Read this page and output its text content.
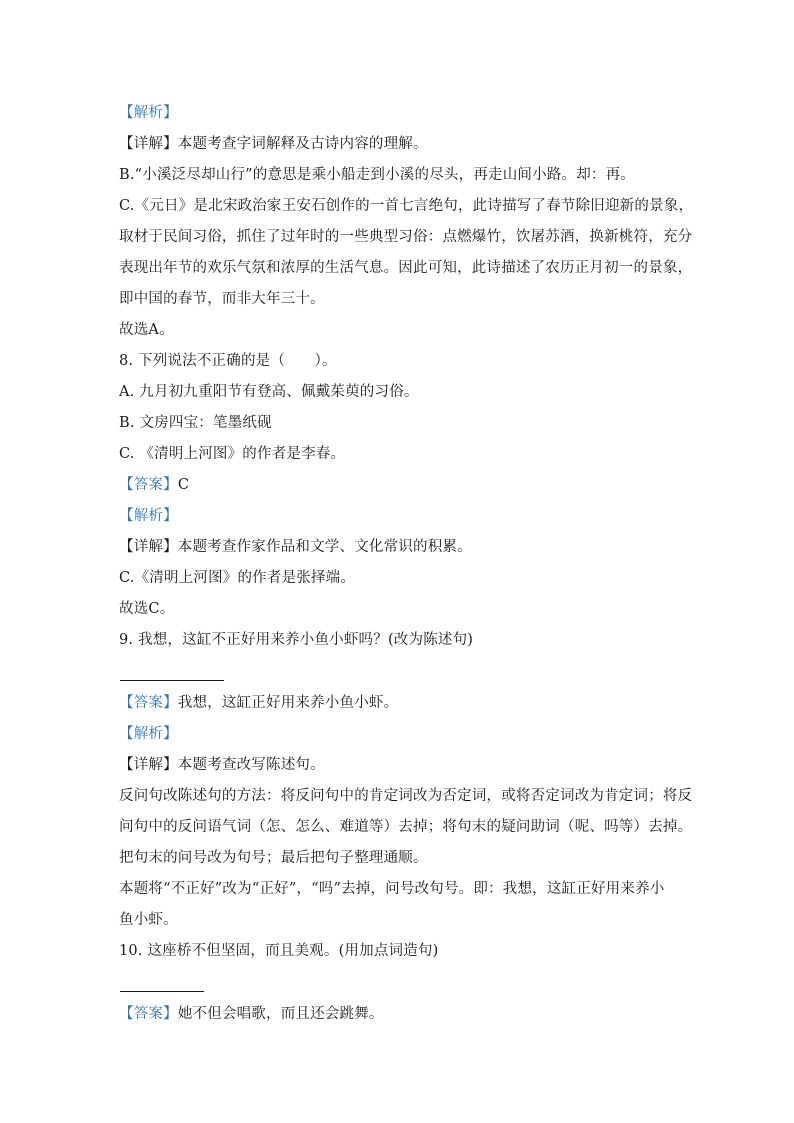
【解析】
【详解】本题考查字词解释及古诗内容的理解。
B.“小溪泛尽却山行”的意思是乘小船走到小溪的尽头，再走山间小路。却：再。
C.《元日》是北宋政治家王安石创作的一首七言绝句，此诗描写了春节除旧迎新的景象，
取材于民间习俗，抓住了过年时的一些典型习俗：点燃爆竹，饮屠苏酒，换新桃符，充分
表现出年节的欢乐气氛和浓厚的生活气息。因此可知，此诗描述了农历正月初一的景象，
即中国的春节，而非大年三十。
故选A。
8. 下列说法不正确的是（　　）。
A. 九月初九重阳节有登高、佩戴茱萸的习俗。
B. 文房四宝：笔墨纸砚
C. 《清明上河图》的作者是李春。
【答案】C
【解析】
【详解】本题考查作家作品和文学、文化常识的积累。
C.《清明上河图》的作者是张择端。
故选C。
9. 我想，这缸不正好用来养小鱼小虾吗？(改为陈述句)
【答案】我想，这缸正好用来养小鱼小虾。
【解析】
【详解】本题考查改写陈述句。
反问句改陈述句的方法：将反问句中的肯定词改为否定词，或将否定词改为肯定词；将反
问句中的反问语气词（怎、怎么、难道等）去掉；将句末的疑问助词（呢、吗等）去掉。
把句末的问号改为句号；最后把句子整理通顺。
本题将“不正好”改为“正好”，“吗”去掉，问号改句号。即：我想，这缸正好用来养小
鱼小虾。
10. 这座桥不但坚固，而且美观。(用加点词造句)
【答案】她不但会唱歌，而且还会跳舞。
